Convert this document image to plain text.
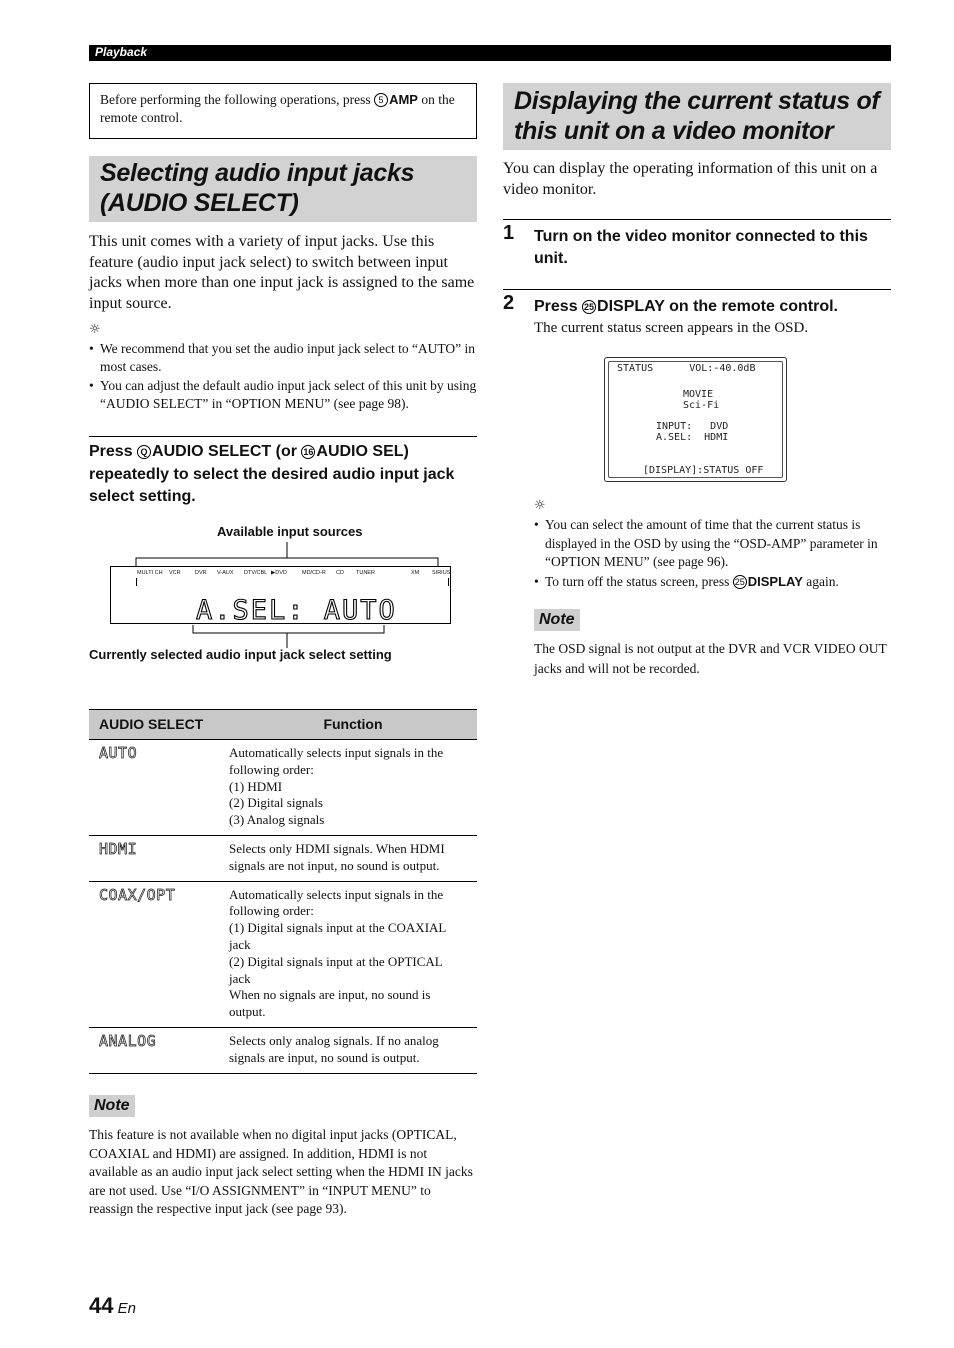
Playback
Before performing the following operations, press 5 AMP on the remote control.
Selecting audio input jacks (AUDIO SELECT)

This unit comes with a variety of input jacks. Use this feature (audio input jack select) to switch between input jacks when more than one input jack is assigned to the same input source.

☼
• We recommend that you set the audio input jack select to “AUTO” in most cases.
• You can adjust the default audio input jack select of this unit by using “AUDIO SELECT” in “OPTION MENU” (see page 98).
Press Q AUDIO SELECT (or 16 AUDIO SEL) repeatedly to select the desired audio input jack select setting.
Available input sources
MULTI CH VCR	DVR V-AUX DTV/CBL ▶DVD	MD/CD-R CD TUNER	XM SIRIUS
A.SEL: AUTO
Currently selected audio input jack select setting
AUDIO SELECT	Function
AUTO	Automatically selects input signals in the following order:
(1) HDMI
(2) Digital signals
(3) Analog signals

HDMI	Selects only HDMI signals. When HDMI signals are not input, no sound is output.

COAX/OPT	Automatically selects input signals in the following order:
(1) Digital signals input at the COAXIAL jack
(2) Digital signals input at the OPTICAL jack
When no signals are input, no sound is output.

ANALOG	Selects only analog signals. If no analog signals are input, no sound is output.
Note

This feature is not available when no digital input jacks (OPTICAL, COAXIAL and HDMI) are assigned. In addition, HDMI is not available as an audio input jack select setting when the HDMI IN jacks are not used. Use “I/O ASSIGNMENT” in “INPUT MENU” to reassign the respective input jack (see page 93).

Displaying the current status of this unit on a video monitor

You can display the operating information of this unit on a video monitor.

1 Turn on the video monitor connected to this unit.
2 Press 25 DISPLAY on the remote control.
The current status screen appears in the OSD.
STATUS      VOL:-40.0dB
MOVIE
Sci-Fi
INPUT:   DVD
A.SEL:  HDMI
[DISPLAY]:STATUS OFF
☼
• You can select the amount of time that the current status is displayed in the OSD by using the “OSD-AMP” parameter in “OPTION MENU” (see page 96).
• To turn off the status screen, press 25 DISPLAY again.
Note

The OSD signal is not output at the DVR and VCR VIDEO OUT jacks and will not be recorded.

44 En
